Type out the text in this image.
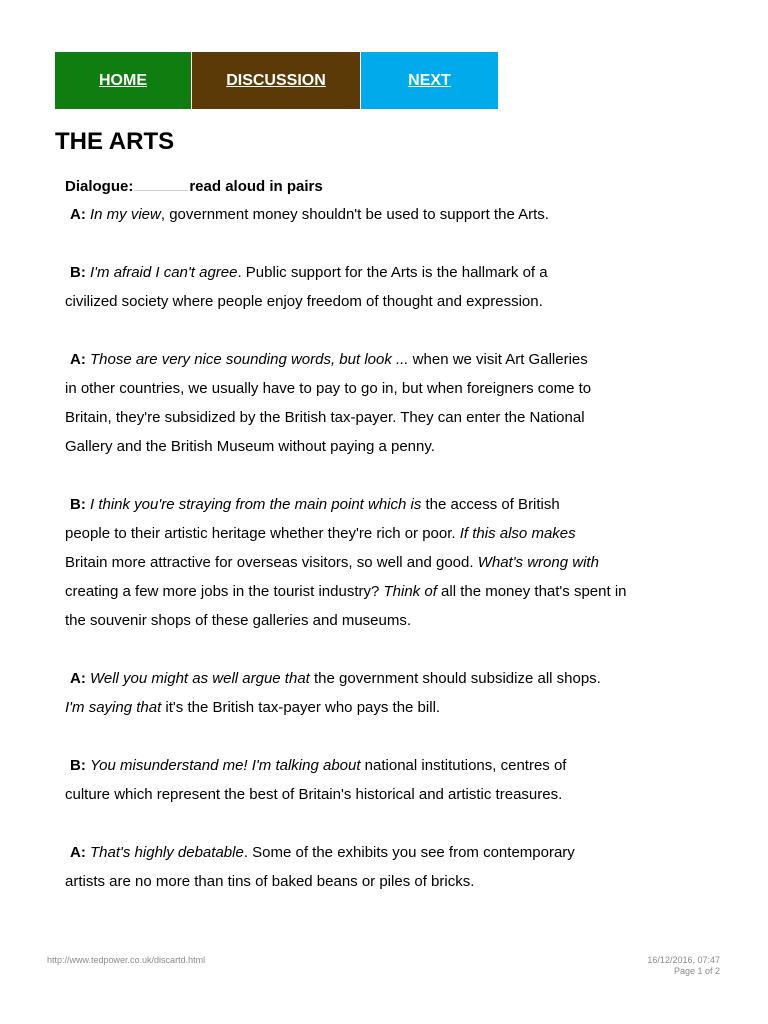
HOME	DISCUSSION	NEXT
THE ARTS
Dialogue:	read aloud in pairs
A: In my view, government money shouldn't be used to support the Arts.
B: I'm afraid I can't agree. Public support for the Arts is the hallmark of a
civilized society where people enjoy freedom of thought and expression.
A: Those are very nice sounding words, but look ... when we visit Art Galleries
in other countries, we usually have to pay to go in, but when foreigners come to
Britain, they're subsidized by the British tax-payer. They can enter the National
Gallery and the British Museum without paying a penny.
B: I think you're straying from the main point which is the access of British
people to their artistic heritage whether they're rich or poor. If this also makes
Britain more attractive for overseas visitors, so well and good. What's wrong with
creating a few more jobs in the tourist industry? Think of all the money that's spent in
the souvenir shops of these galleries and museums.
A: Well you might as well argue that the government should subsidize all shops.
I'm saying that it's the British tax-payer who pays the bill.
B: You misunderstand me! I'm talking about national institutions, centres of
culture which represent the best of Britain's historical and artistic treasures.
A: That's highly debatable. Some of the exhibits you see from contemporary
artists are no more than tins of baked beans or piles of bricks.
http://www.tedpower.co.uk/discartd.html	16/12/2016, 07:47
Page 1 of 2
